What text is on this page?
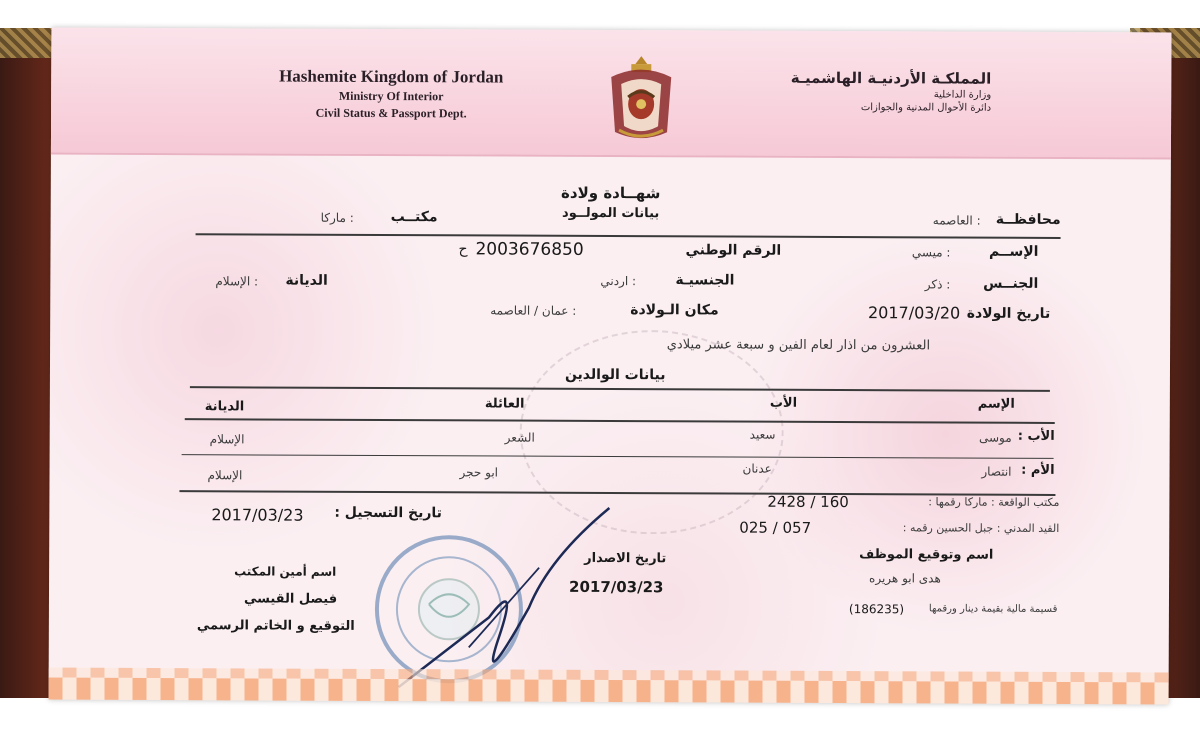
Hashemite Kingdom of Jordan
Ministry Of Interior
Civil Status & Passport Dept.
المملكـة الأردنيـة الهاشميـة
وزارة الداخلية
دائرة الأحوال المدنية والجوازات
شهــادة ولادة
بيانات المولــود	محافظــة
: العاصمه
مكتــب
: ماركا
الإســم
: ميسي
الجنــس
: ذكر
تاريخ الولادة
2017/03/20
العشرون من اذار لعام الفين و سبعة عشر ميلادي
الرقم الوطني
2003676850
ح
الجنسيـة
: اردني
مكان الـولادة
: عمان / العاصمه
الديانة
: الإسلام
بيانات الوالدين
الإسم
الأب
العائلة
الديانة
الأب :
موسى
سعيد
الشعر
الإسلام
الأم :
انتصار
عدنان
ابو حجر
الإسلام
مكتب الواقعة : ماركا رقمها :
2428 / 160
القيد المدني : جبل الحسين رقمه :
025 / 057
اسم وتوقيع الموظف
هدى ابو هريره
قسيمة مالية بقيمة دينار ورقمها
(186235)
تاريخ التسجيل :
2017/03/23
تاريخ الاصدار
2017/03/23
اسم أمين المكتب
فيصل القيسي
التوقيع و الخاتم الرسمي
